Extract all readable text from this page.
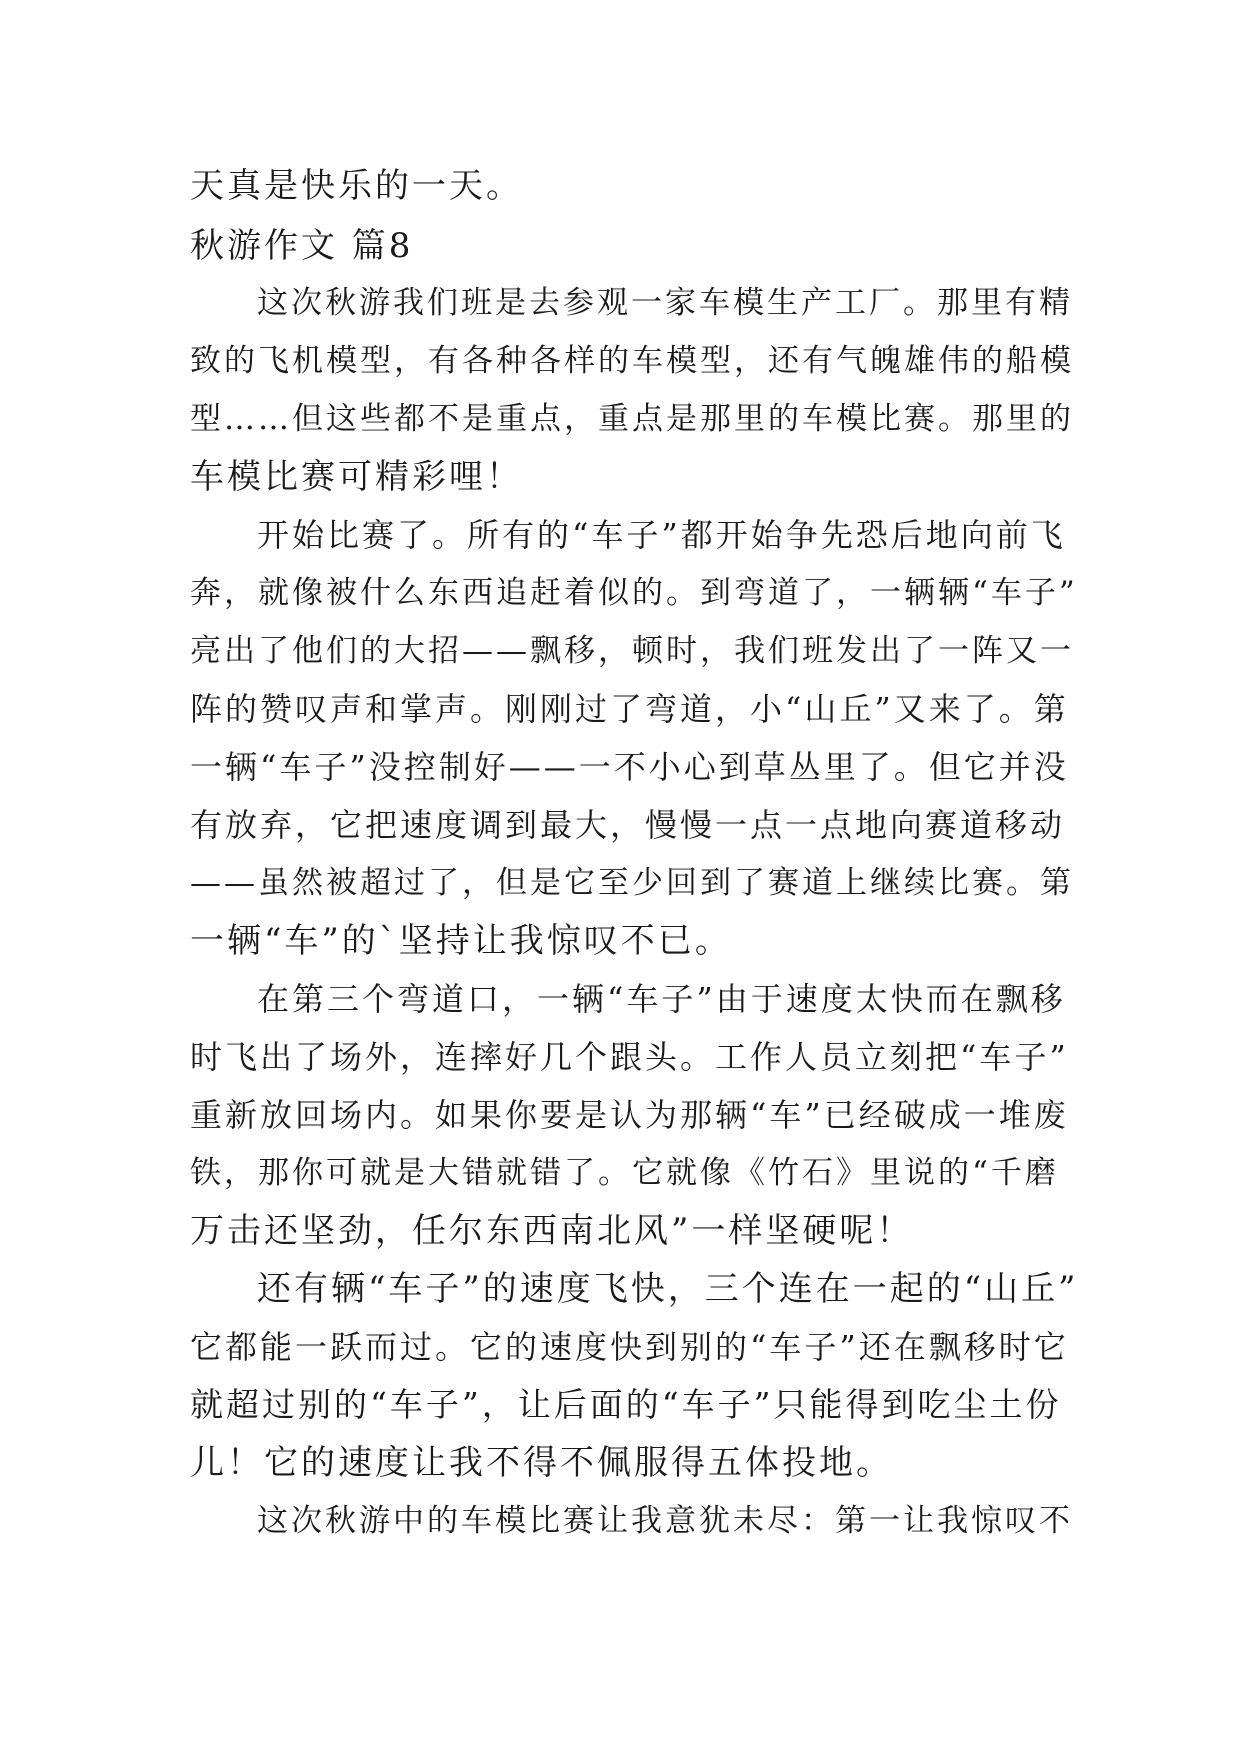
天真是快乐的一天。
秋游作文 篇8
这次秋游我们班是去参观一家车模生产工厂。那里有精
致的飞机模型，有各种各样的车模型，还有气魄雄伟的船模
型……但这些都不是重点，重点是那里的车模比赛。那里的
车模比赛可精彩哩！
开始比赛了。所有的“车子”都开始争先恐后地向前飞
奔，就像被什么东西追赶着似的。到弯道了，一辆辆“车子”
亮出了他们的大招——飘移，顿时，我们班发出了一阵又一
阵的赞叹声和掌声。刚刚过了弯道，小“山丘”又来了。第
一辆“车子”没控制好——一不小心到草丛里了。但它并没
有放弃，它把速度调到最大，慢慢一点一点地向赛道移动
——虽然被超过了，但是它至少回到了赛道上继续比赛。第
一辆“车”的`坚持让我惊叹不已。
在第三个弯道口，一辆“车子”由于速度太快而在飘移
时飞出了场外，连摔好几个跟头。工作人员立刻把“车子”
重新放回场内。如果你要是认为那辆“车”已经破成一堆废
铁，那你可就是大错就错了。它就像《竹石》里说的“千磨
万击还坚劲，任尔东西南北风”一样坚硬呢！
还有辆“车子”的速度飞快，三个连在一起的“山丘”
它都能一跃而过。它的速度快到别的“车子”还在飘移时它
就超过别的“车子”，让后面的“车子”只能得到吃尘土份
儿！它的速度让我不得不佩服得五体投地。
这次秋游中的车模比赛让我意犹未尽：第一让我惊叹不
